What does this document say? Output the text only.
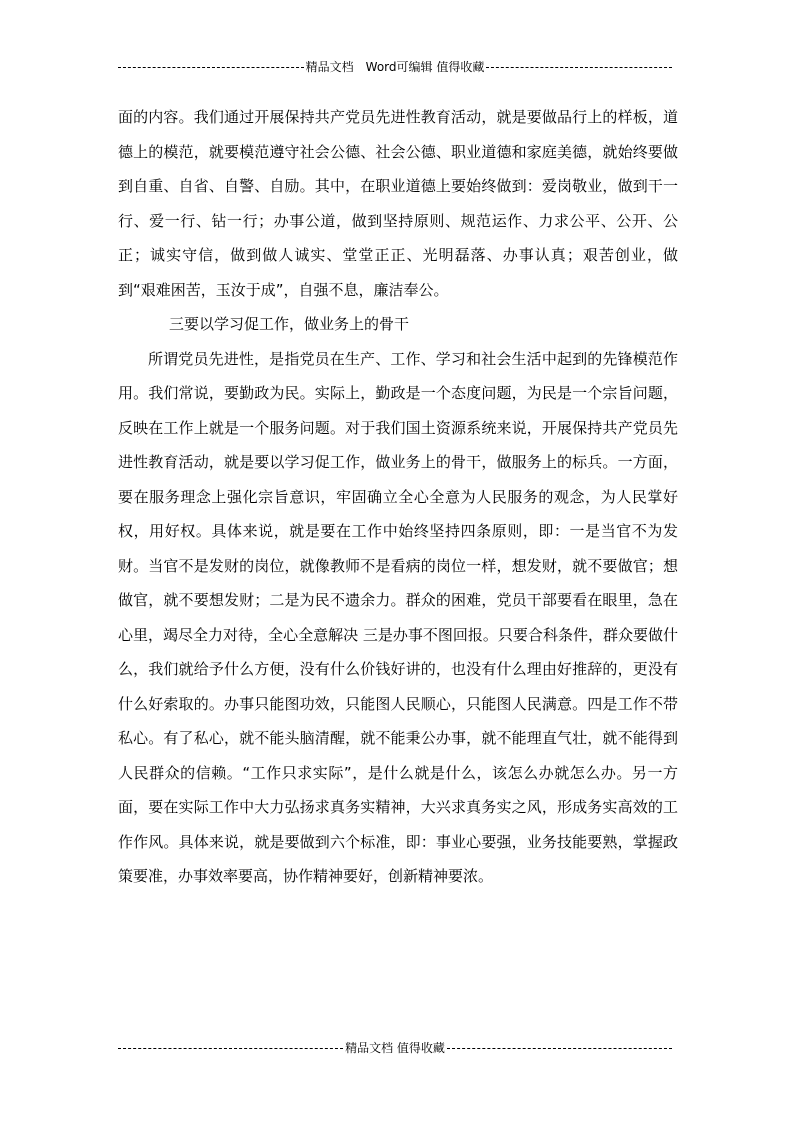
精品文档　Word可编辑 值得收藏

面的内容。我们通过开展保持共产党员先进性教育活动，就是要做品行上的样板，道德上的模范，就要模范遵守社会公德、社会公德、职业道德和家庭美德，就始终要做到自重、自省、自警、自励。其中，在职业道德上要始终做到：爱岗敬业，做到干一行、爱一行、钻一行；办事公道，做到坚持原则、规范运作、力求公平、公开、公正；诚实守信，做到做人诚实、堂堂正正、光明磊落、办事认真；艰苦创业，做到“艰难困苦，玉汝于成”，自强不息，廉洁奉公。

三要以学习促工作，做业务上的骨干

所谓党员先进性，是指党员在生产、工作、学习和社会生活中起到的先锋模范作用。我们常说，要勤政为民。实际上，勤政是一个态度问题，为民是一个宗旨问题，反映在工作上就是一个服务问题。对于我们国土资源系统来说，开展保持共产党员先进性教育活动，就是要以学习促工作，做业务上的骨干，做服务上的标兵。一方面，要在服务理念上强化宗旨意识，牢固确立全心全意为人民服务的观念，为人民掌好权，用好权。具体来说，就是要在工作中始终坚持四条原则，即：一是当官不为发财。当官不是发财的岗位，就像教师不是看病的岗位一样，想发财，就不要做官；想做官，就不要想发财；二是为民不遗余力。群众的困难，党员干部要看在眼里，急在心里，竭尽全力对待，全心全意解决 三是办事不图回报。只要合科条件，群众要做什么，我们就给予什么方便，没有什么价钱好讲的，也没有什么理由好推辞的，更没有什么好索取的。办事只能图功效，只能图人民顺心，只能图人民满意。四是工作不带私心。有了私心，就不能头脑清醒，就不能秉公办事，就不能理直气壮，就不能得到人民群众的信赖。“工作只求实际”，是什么就是什么，该怎么办就怎么办。另一方面，要在实际工作中大力弘扬求真务实精神，大兴求真务实之风，形成务实高效的工作作风。具体来说，就是要做到六个标准，即：事业心要强，业务技能要熟，掌握政策要准，办事效率要高，协作精神要好，创新精神要浓。

精品文档 值得收藏
